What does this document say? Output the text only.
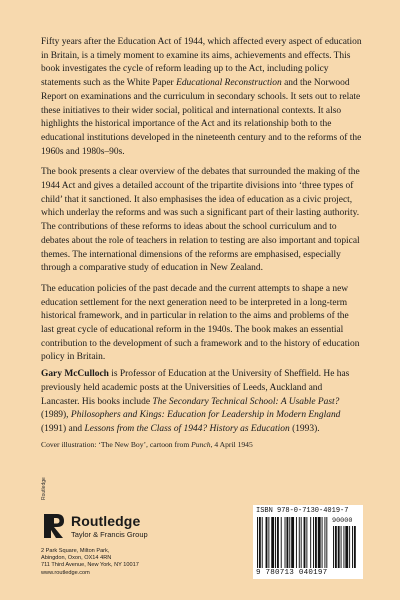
Fifty years after the Education Act of 1944, which affected every aspect of education in Britain, is a timely moment to examine its aims, achievements and effects. This book investigates the cycle of reform leading up to the Act, including policy statements such as the White Paper Educational Reconstruction and the Norwood Report on examinations and the curriculum in secondary schools. It sets out to relate these initiatives to their wider social, political and international contexts. It also highlights the historical importance of the Act and its relationship both to the educational institutions developed in the nineteenth century and to the reforms of the 1960s and 1980s–90s.

The book presents a clear overview of the debates that surrounded the making of the 1944 Act and gives a detailed account of the tripartite divisions into ‘three types of child’ that it sanctioned. It also emphasises the idea of education as a civic project, which underlay the reforms and was such a significant part of their lasting authority. The contributions of these reforms to ideas about the school curriculum and to debates about the role of teachers in relation to testing are also important and topical themes. The international dimensions of the reforms are emphasised, especially through a comparative study of education in New Zealand.

The education policies of the past decade and the current attempts to shape a new education settlement for the next generation need to be interpreted in a long-term historical framework, and in particular in relation to the aims and problems of the last great cycle of educational reform in the 1940s. The book makes an essential contribution to the development of such a framework and to the history of education policy in Britain.

Gary McCulloch is Professor of Education at the University of Sheffield. He has previously held academic posts at the Universities of Leeds, Auckland and Lancaster. His books include The Secondary Technical School: A Usable Past? (1989), Philosophers and Kings: Education for Leadership in Modern England (1991) and Lessons from the Class of 1944? History as Education (1993).

Cover illustration: ‘The New Boy’, cartoon from Punch, 4 April 1945
Routledge
Routledge
Taylor & Francis Group
2 Park Square, Milton Park,
Abingdon, Oxon, OX14 4RN
711 Third Avenue, New York, NY 10017
www.routledge.com
ISBN 978-0-7130-4019-7
90000
9 780713 040197
